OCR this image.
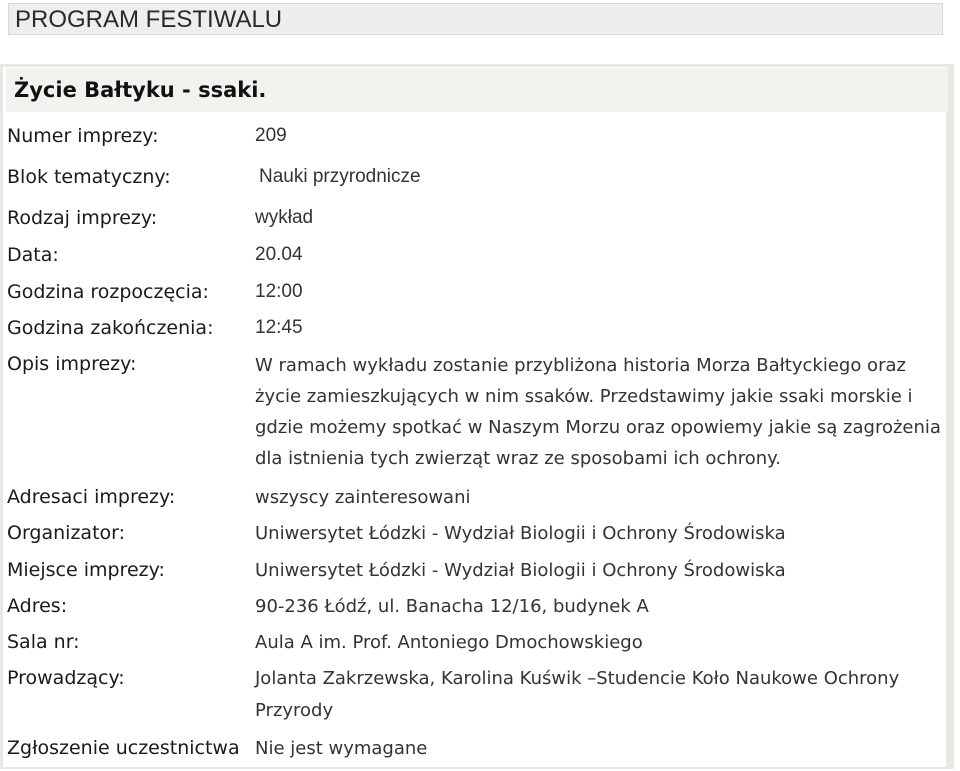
PROGRAM FESTIWALU
Życie Bałtyku - ssaki.
Numer imprezy:	209
Blok tematyczny:	Nauki przyrodnicze
Rodzaj imprezy:	wykład
Data:	20.04
Godzina rozpoczęcia: 12:00
Godzina zakończenia: 12:45
Opis imprezy:	W ramach wykładu zostanie przybliżona historia Morza Bałtyckiego oraz życie zamieszkujących w nim ssaków. Przedstawimy jakie ssaki morskie i gdzie możemy spotkać w Naszym Morzu oraz opowiemy jakie są zagrożenia dla istnienia tych zwierząt wraz ze sposobami ich ochrony.
Adresaci imprezy:	wszyscy zainteresowani
Organizator:	Uniwersytet Łódzki - Wydział Biologii i Ochrony Środowiska
Miejsce imprezy:	Uniwersytet Łódzki - Wydział Biologii i Ochrony Środowiska
Adres:	90-236 Łódź, ul. Banacha 12/16, budynek A
Sala nr:	Aula A im. Prof. Antoniego Dmochowskiego
Prowadzący:	Jolanta Zakrzewska, Karolina Kuświk –Studencie Koło Naukowe Ochrony Przyrody
Zgłoszenie uczestnictwa Nie jest wymagane
